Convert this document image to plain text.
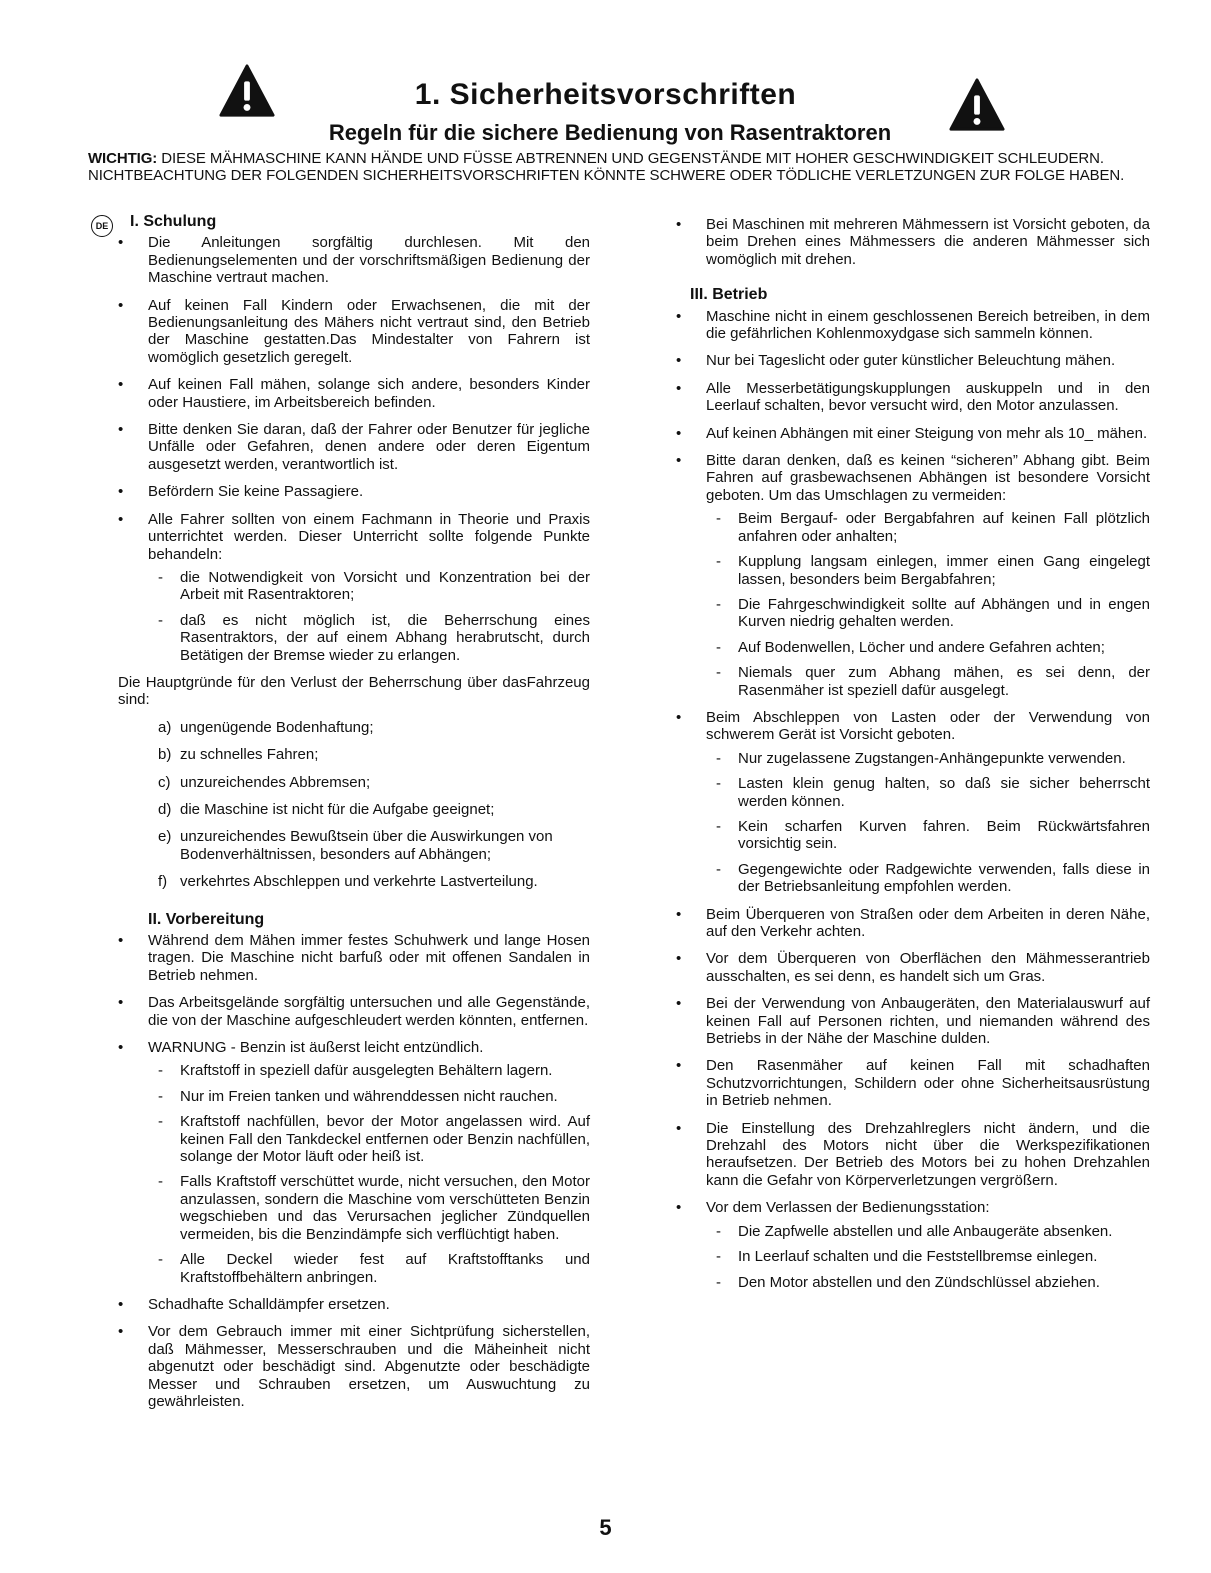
1. Sicherheitsvorschriften
Regeln für die sichere Bedienung von Rasentraktoren
WICHTIG: DIESE MÄHMASCHINE KANN HÄNDE UND FÜSSE ABTRENNEN UND GEGENSTÄNDE MIT HOHER GESCHWINDIGKEIT SCHLEUDERN. NICHTBEACHTUNG DER FOLGENDEN SICHERHEITSVORSCHRIFTEN KÖNNTE SCHWERE ODER TÖDLICHE VERLETZUNGEN ZUR FOLGE HABEN.
DE I. Schulung
• Die Anleitungen sorgfältig durchlesen. Mit den Bedienungselementen und der vorschriftsmäßigen Bedienung der Maschine vertraut machen.
• Auf keinen Fall Kindern oder Erwachsenen, die mit der Bedienungsanleitung des Mähers nicht vertraut sind, den Betrieb der Maschine gestatten.Das Mindestalter von Fahrern ist womöglich gesetzlich geregelt.
• Auf keinen Fall mähen, solange sich andere, besonders Kinder oder Haustiere, im Arbeitsbereich befinden.
• Bitte denken Sie daran, daß der Fahrer oder Benutzer für jegliche Unfälle oder Gefahren, denen andere oder deren Eigentum ausgesetzt werden, verantwortlich ist.
• Befördern Sie keine Passagiere.
• Alle Fahrer sollten von einem Fachmann in Theorie und Praxis unterrichtet werden. Dieser Unterricht sollte folgende Punkte behandeln:
- die Notwendigkeit von Vorsicht und Konzentration bei der Arbeit mit Rasentraktoren;
- daß es nicht möglich ist, die Beherrschung eines Rasentraktors, der auf einem Abhang herabrutscht, durch Betätigen der Bremse wieder zu erlangen.
Die Hauptgründe für den Verlust der Beherrschung über dasFahrzeug sind:
a) ungenügende Bodenhaftung;
b) zu schnelles Fahren;
c) unzureichendes Abbremsen;
d) die Maschine ist nicht für die Aufgabe geeignet;
e) unzureichendes Bewußtsein über die Auswirkungen von Bodenverhältnissen, besonders auf Abhängen;
f) verkehrtes Abschleppen und verkehrte Lastverteilung.
II. Vorbereitung
• Während dem Mähen immer festes Schuhwerk und lange Hosen tragen. Die Maschine nicht barfuß oder mit offenen Sandalen in Betrieb nehmen.
• Das Arbeitsgelände sorgfältig untersuchen und alle Gegenstände, die von der Maschine aufgeschleudert werden könnten, entfernen.
• WARNUNG - Benzin ist äußerst leicht entzündlich.
- Kraftstoff in speziell dafür ausgelegten Behältern lagern.
- Nur im Freien tanken und währenddessen nicht rauchen.
- Kraftstoff nachfüllen, bevor der Motor angelassen wird. Auf keinen Fall den Tankdeckel entfernen oder Benzin nachfüllen, solange der Motor läuft oder heiß ist.
- Falls Kraftstoff verschüttet wurde, nicht versuchen, den Motor anzulassen, sondern die Maschine vom verschütteten Benzin wegschieben und das Verursachen jeglicher Zündquellen vermeiden, bis die Benzindämpfe sich verflüchtigt haben.
- Alle Deckel wieder fest auf Kraftstofftanks und Kraftstoffbehältern anbringen.
• Schadhafte Schalldämpfer ersetzen.
• Vor dem Gebrauch immer mit einer Sichtprüfung sicherstellen, daß Mähmesser, Messerschrauben und die Mäheinheit nicht abgenutzt oder beschädigt sind. Abgenutzte oder beschädigte Messer und Schrauben ersetzen, um Auswuchtung zu gewährleisten.
• Bei Maschinen mit mehreren Mähmessern ist Vorsicht geboten, da beim Drehen eines Mähmessers die anderen Mähmesser sich womöglich mit drehen.
III. Betrieb
• Maschine nicht in einem geschlossenen Bereich betreiben, in dem die gefährlichen Kohlenmoxydgase sich sammeln können.
• Nur bei Tageslicht oder guter künstlicher Beleuchtung mähen.
• Alle Messerbetätigungskupplungen auskuppeln und in den Leerlauf schalten, bevor versucht wird, den Motor anzulassen.
• Auf keinen Abhängen mit einer Steigung von mehr als 10_ mähen.
• Bitte daran denken, daß es keinen “sicheren” Abhang gibt. Beim Fahren auf grasbewachsenen Abhängen ist besondere Vorsicht geboten. Um das Umschlagen zu vermeiden:
- Beim Bergauf- oder Bergabfahren auf keinen Fall plötzlich anfahren oder anhalten;
- Kupplung langsam einlegen, immer einen Gang eingelegt lassen, besonders beim Bergabfahren;
- Die Fahrgeschwindigkeit sollte auf Abhängen und in engen Kurven niedrig gehalten werden.
- Auf Bodenwellen, Löcher und andere Gefahren achten;
- Niemals quer zum Abhang mähen, es sei denn, der Rasenmäher ist speziell dafür ausgelegt.
• Beim Abschleppen von Lasten oder der Verwendung von schwerem Gerät ist Vorsicht geboten.
- Nur zugelassene Zugstangen-Anhängepunkte verwenden.
- Lasten klein genug halten, so daß sie sicher beherrscht werden können.
- Kein scharfen Kurven fahren. Beim Rückwärtsfahren vorsichtig sein.
- Gegengewichte oder Radgewichte verwenden, falls diese in der Betriebsanleitung empfohlen werden.
• Beim Überqueren von Straßen oder dem Arbeiten in deren Nähe, auf den Verkehr achten.
• Vor dem Überqueren von Oberflächen den Mähmesserantrieb ausschalten, es sei denn, es handelt sich um Gras.
• Bei der Verwendung von Anbaugeräten, den Materialauswurf auf keinen Fall auf Personen richten, und niemanden während des Betriebs in der Nähe der Maschine dulden.
• Den Rasenmäher auf keinen Fall mit schadhaften Schutzvorrichtungen, Schildern oder ohne Sicherheitsausrüstung in Betrieb nehmen.
• Die Einstellung des Drehzahlreglers nicht ändern, und die Drehzahl des Motors nicht über die Werkspezifikationen heraufsetzen. Der Betrieb des Motors bei zu hohen Drehzahlen kann die Gefahr von Körperverletzungen vergrößern.
• Vor dem Verlassen der Bedienungsstation:
- Die Zapfwelle abstellen und alle Anbaugeräte absenken.
- In Leerlauf schalten und die Feststellbremse einlegen.
- Den Motor abstellen und den Zündschlüssel abziehen.
5
